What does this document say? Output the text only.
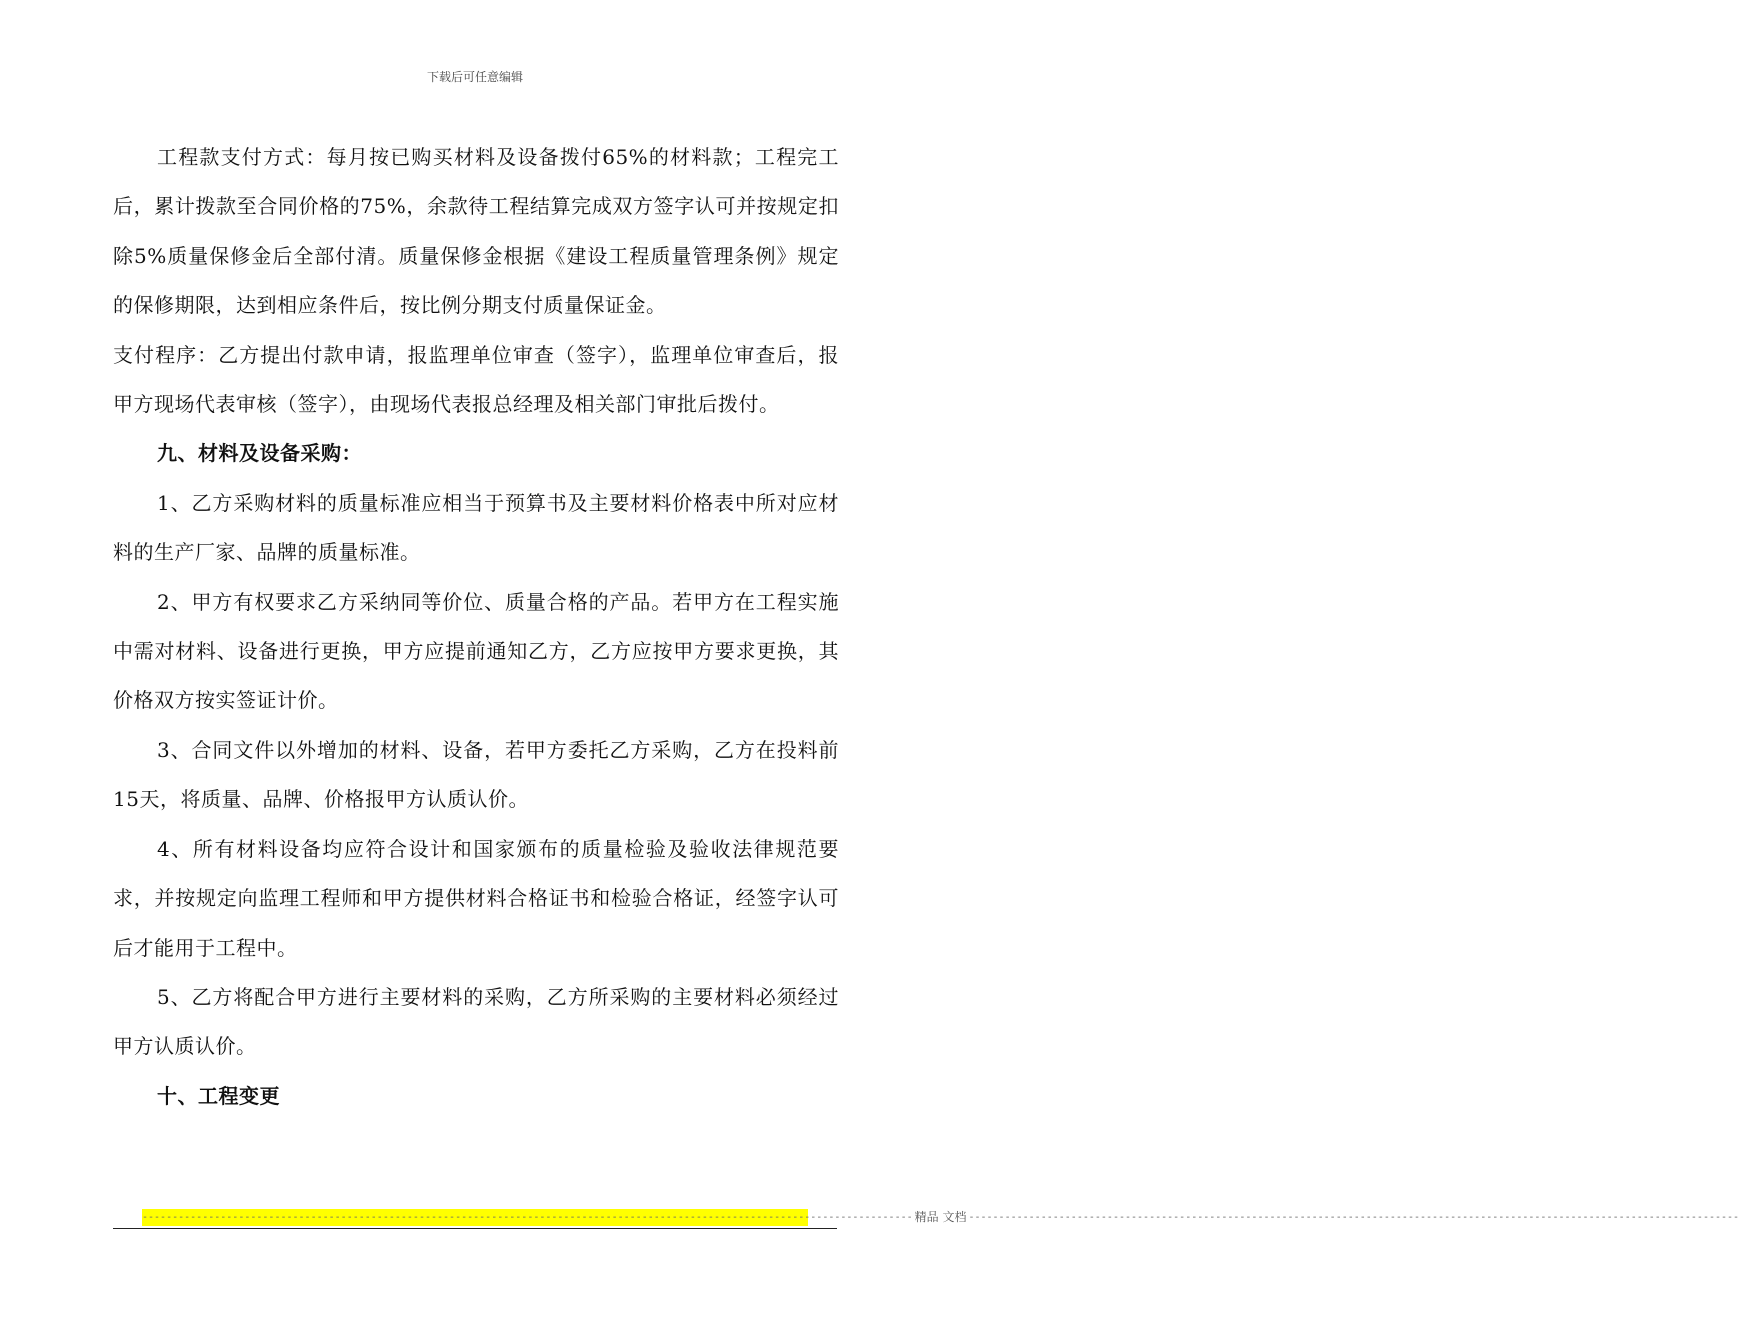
下载后可任意编辑

工程款支付方式：每月按已购买材料及设备拨付65%的材料款；工程完工后，累计拨款至合同价格的75%，余款待工程结算完成双方签字认可并按规定扣除5%质量保修金后全部付清。质量保修金根据《建设工程质量管理条例》规定的保修期限，达到相应条件后，按比例分期支付质量保证金。

支付程序：乙方提出付款申请，报监理单位审查（签字），监理单位审查后，报甲方现场代表审核（签字），由现场代表报总经理及相关部门审批后拨付。

九、材料及设备采购：

1、乙方采购材料的质量标准应相当于预算书及主要材料价格表中所对应材料的生产厂家、品牌的质量标准。

2、甲方有权要求乙方采纳同等价位、质量合格的产品。若甲方在工程实施中需对材料、设备进行更换，甲方应提前通知乙方，乙方应按甲方要求更换，其价格双方按实签证计价。

3、合同文件以外增加的材料、设备，若甲方委托乙方采购，乙方在投料前15天，将质量、品牌、价格报甲方认质认价。

4、所有材料设备均应符合设计和国家颁布的质量检验及验收法律规范要求，并按规定向监理工程师和甲方提供材料合格证书和检验合格证，经签字认可后才能用于工程中。

5、乙方将配合甲方进行主要材料的采购，乙方所采购的主要材料必须经过甲方认质认价。

十、工程变更

-------------------------------------------------------------------------------------------------------------------------------- 精品 文档 --------------------------------------------------------------------------------------------------------------------------------
